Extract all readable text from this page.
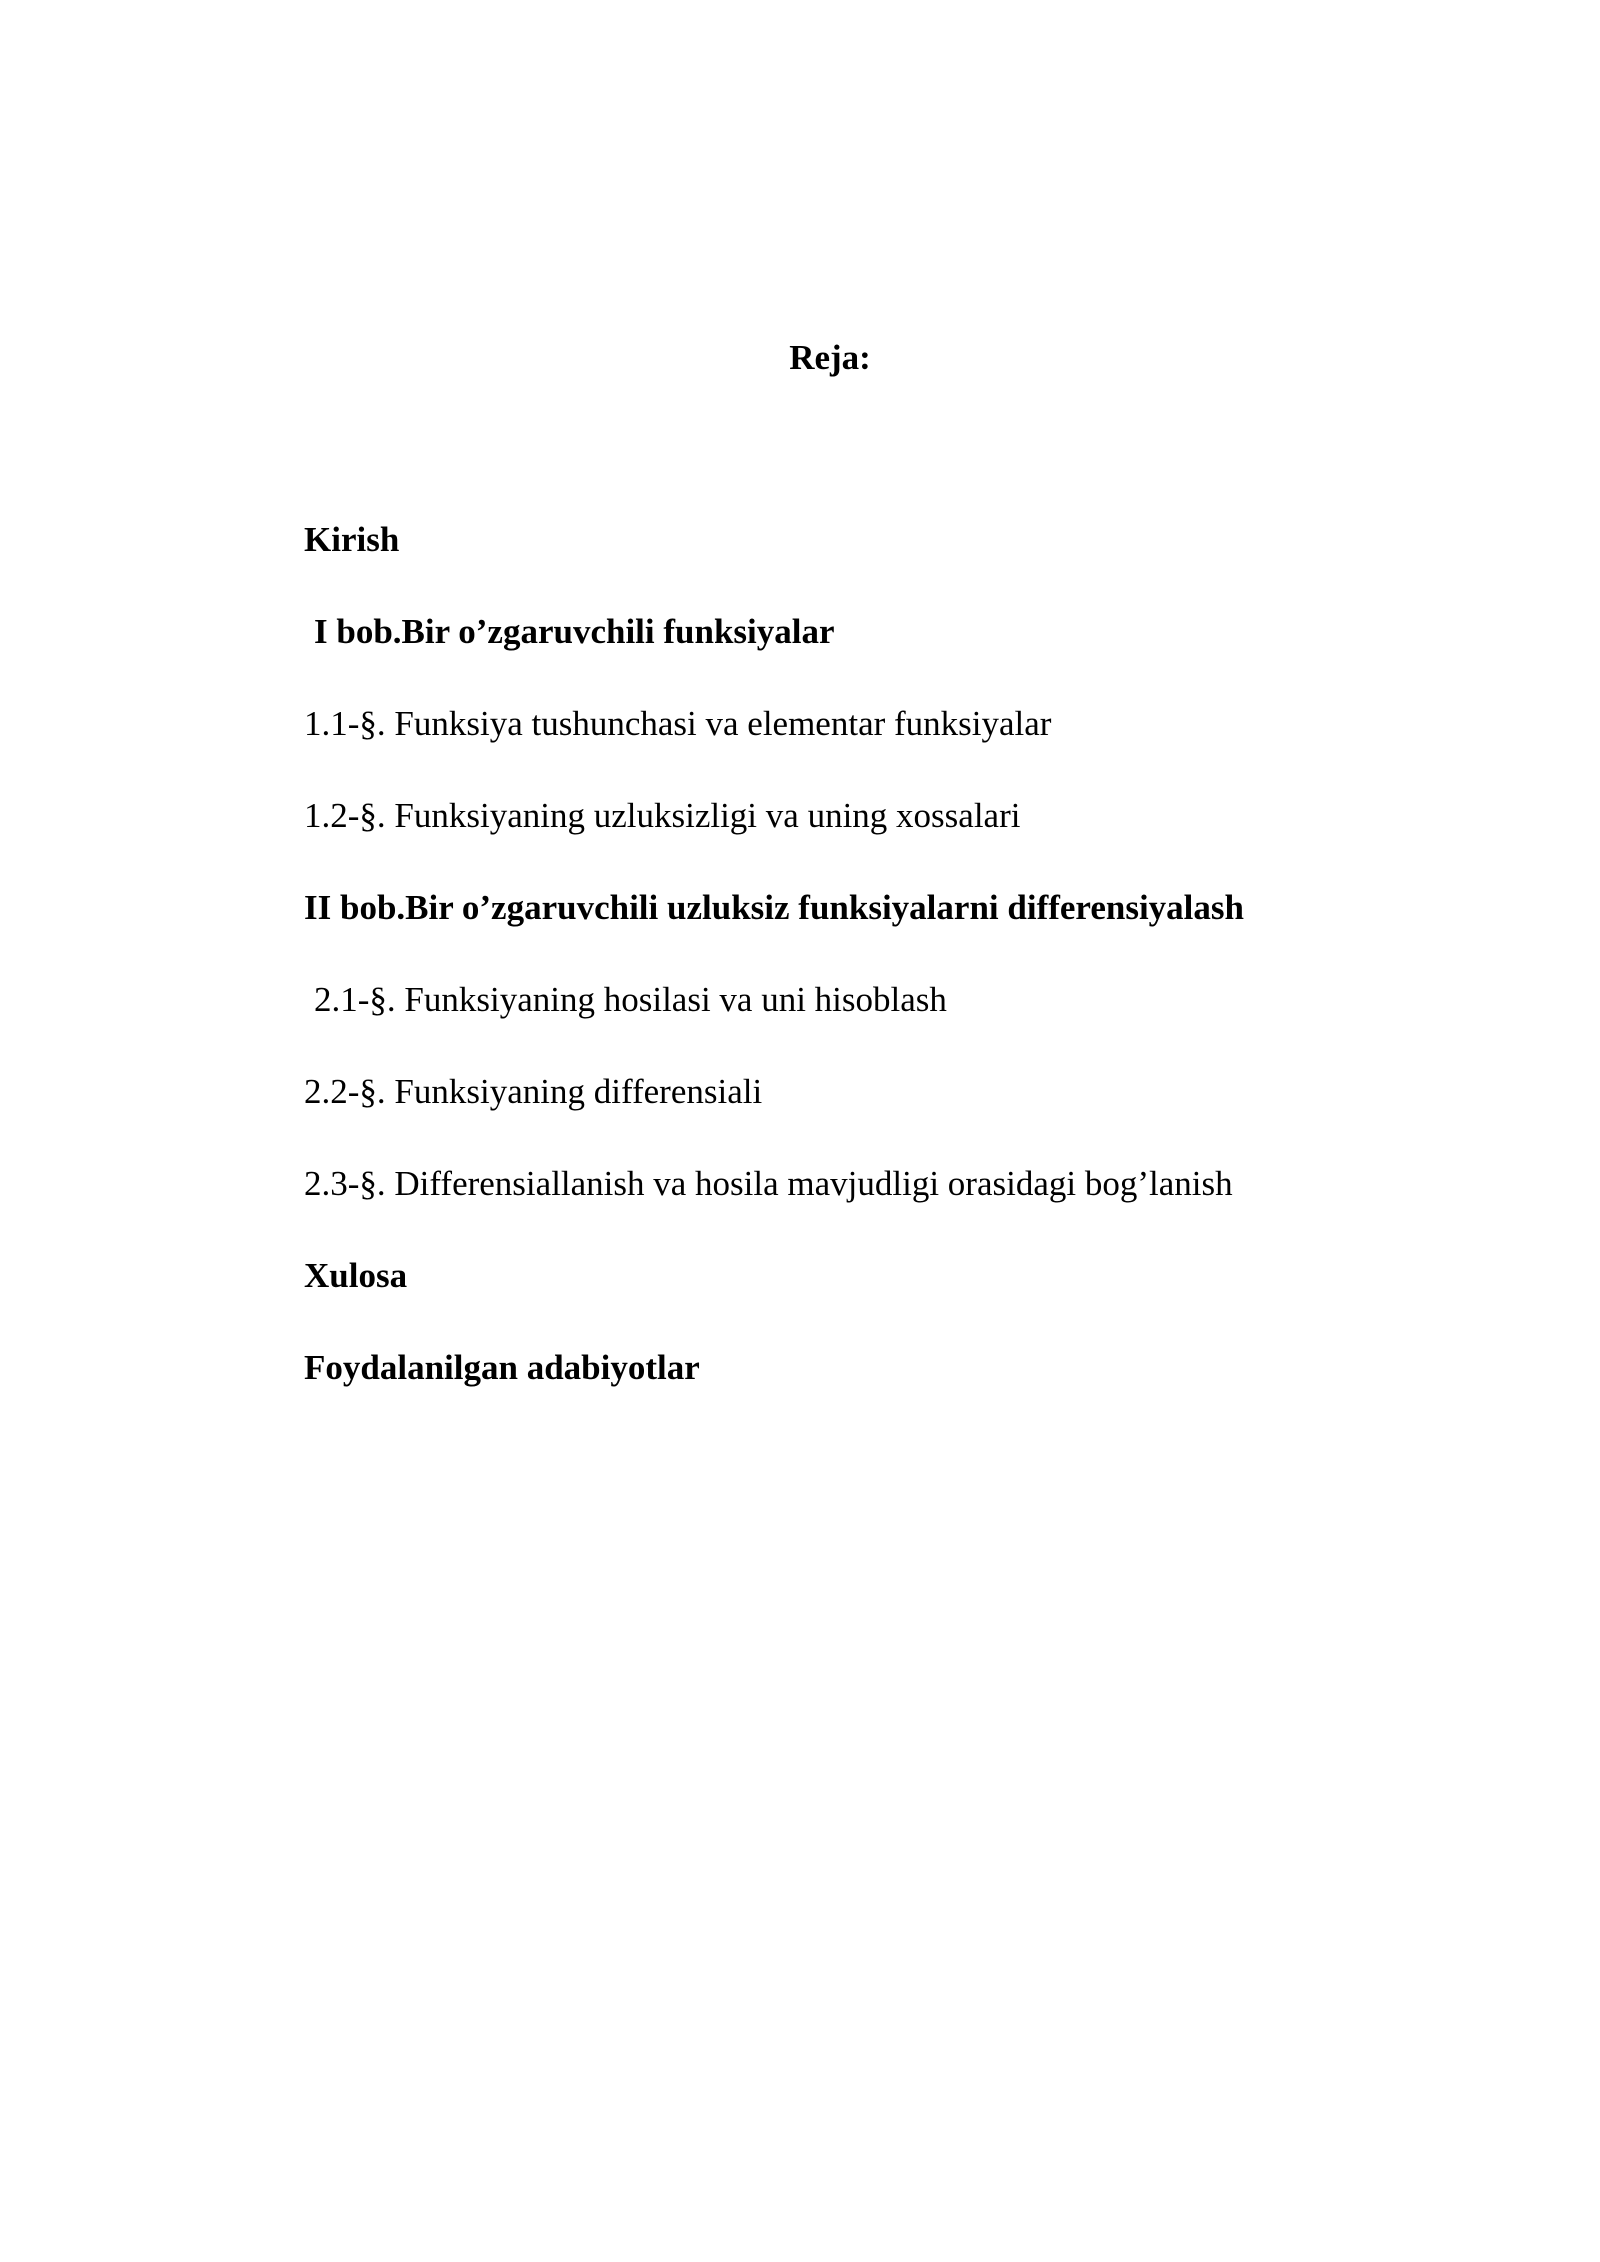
Reja:
Kirish
I bob.Bir o’zgaruvchili funksiyalar
1.1-§. Funksiya tushunchasi va elementar funksiyalar
1.2-§. Funksiyaning uzluksizligi va uning xossalari
II bob.Bir o’zgaruvchili uzluksiz funksiyalarni differensiyalash
2.1-§. Funksiyaning hosilasi va uni hisoblash
2.2-§. Funksiyaning differensiali
2.3-§. Differensiallanish va hosila mavjudligi orasidagi bog’lanish
Xulosa
Foydalanilgan adabiyotlar
